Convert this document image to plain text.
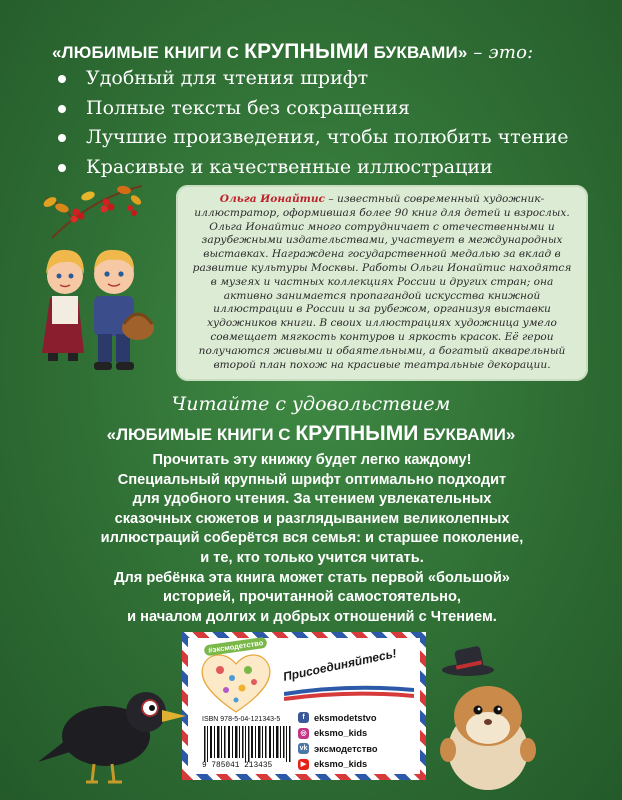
«ЛЮБИМЫЕ КНИГИ С КРУПНЫМИ БУКВАМИ» – это:
Удобный для чтения шрифт
Полные тексты без сокращения
Лучшие произведения, чтобы полюбить чтение
Красивые и качественные иллюстрации
Ольга Ионайтис – известный современный художник-иллюстратор, оформившая более 90 книг для детей и взрослых. Ольга Ионайтис много сотрудничает с отечественными и зарубежными издательствами, участвует в международных выставках. Награждена государственной медалью за вклад в развитие культуры Москвы. Работы Ольги Ионайтис находятся в музеях и частных коллекциях России и других стран; она активно занимается пропагандой искусства книжной иллюстрации в России и за рубежом, организуя выставки художников книги. В своих иллюстрациях художница умело совмещает мягкость контуров и яркость красок. Её герои получаются живыми и обаятельными, а богатый акварельный второй план похож на красивые театральные декорации.
Читайте с удовольствием
«ЛЮБИМЫЕ КНИГИ С КРУПНЫМИ БУКВАМИ»

Прочитать эту книжку будет легко каждому!

Специальный крупный шрифт оптимально подходит

для удобного чтения. За чтением увлекательных

сказочных сюжетов и разглядыванием великолепных

иллюстраций соберётся вся семья: и старшее поколение,

и те, кто только учится читать.

Для ребёнка эта книга может стать первой «большой»

историей, прочитанной самостоятельно,

и началом долгих и добрых отношений с Чтением.

#эксмодетство	Присоединяйтесь!
ISBN 978-5-04-121343-5
9 785041 213435
f	eksmodetstvo
◎ eksmo_kids
vk эксмодетство
▶ eksmo_kids
